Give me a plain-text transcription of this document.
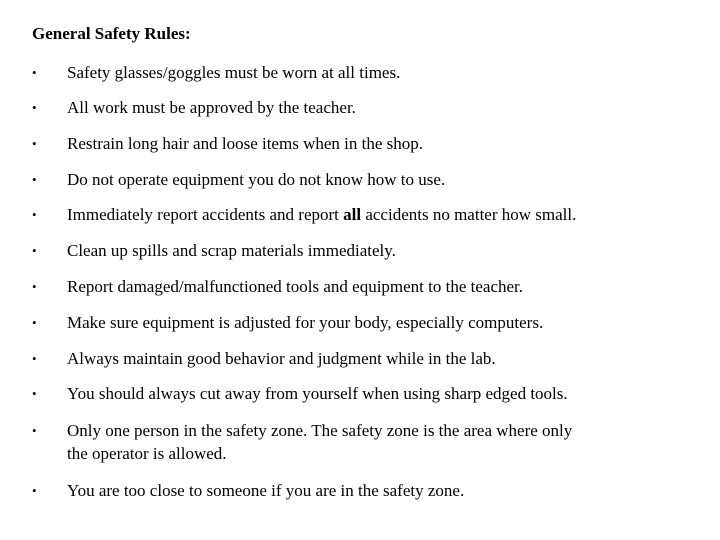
General Safety Rules:
• Safety glasses/goggles must be worn at all times.
• All work must be approved by the teacher.
• Restrain long hair and loose items when in the shop.
• Do not operate equipment you do not know how to use.
• Immediately report accidents and report all accidents no matter how small.
• Clean up spills and scrap materials immediately.
• Report damaged/malfunctioned tools and equipment to the teacher.
• Make sure equipment is adjusted for your body, especially computers.
• Always maintain good behavior and judgment while in the lab.
• You should always cut away from yourself when using sharp edged tools.
• Only one person in the safety zone. The safety zone is the area where only
the operator is allowed.
• You are too close to someone if you are in the safety zone.
